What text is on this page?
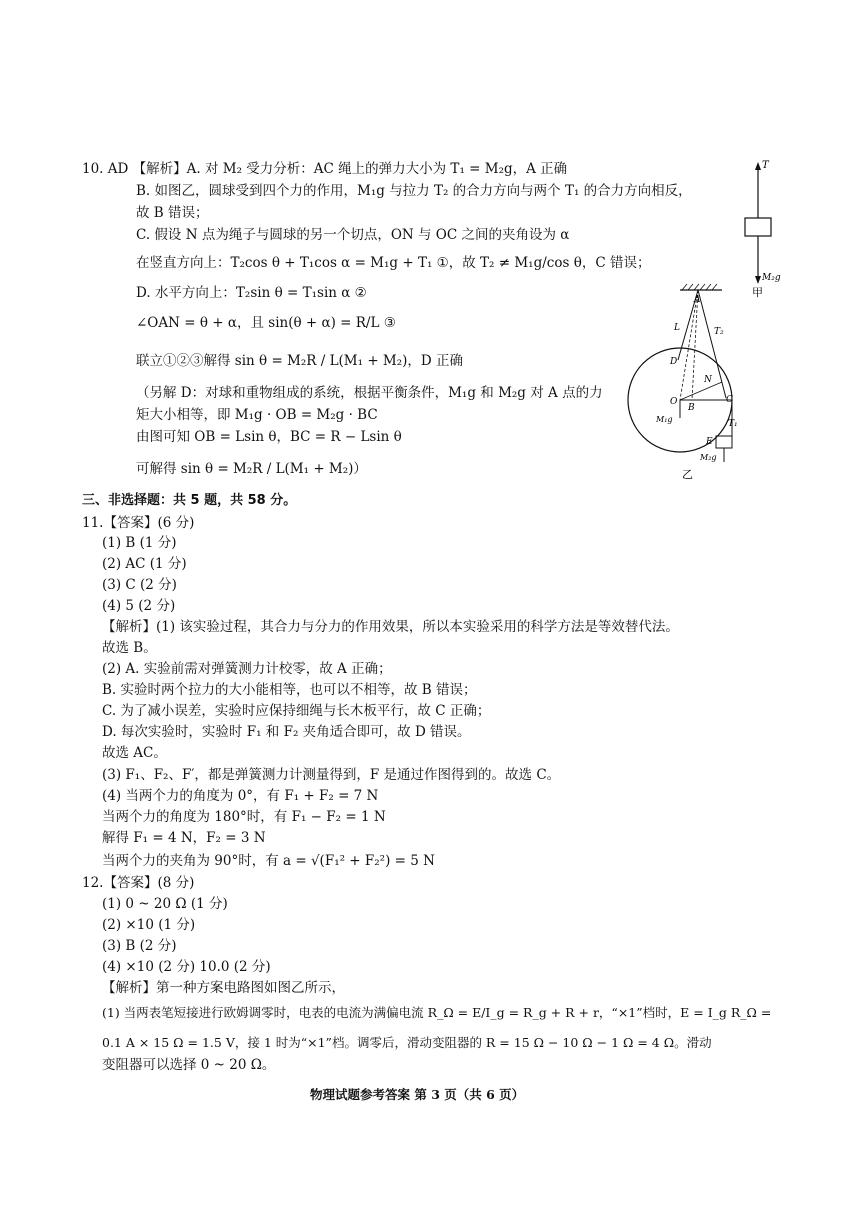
10. AD 【解析】A. 对 M₂ 受力分析：AC 绳上的弹力大小为 T₁ = M₂g，A 正确
B. 如图乙，圆球受到四个力的作用，M₁g 与拉力 T₂ 的合力方向与两个 T₁ 的合力方向相反，
故 B 错误；
C. 假设 N 点为绳子与圆球的另一个切点，ON 与 OC 之间的夹角设为 α
在竖直方向上：T₂cos θ + T₁cos α = M₁g + T₁ ①，故 T₂ ≠ M₁g/cos θ，C 错误；
D. 水平方向上：T₂sin θ = T₁sin α ②
∠OAN = θ + α，且 sin(θ + α) = R/L ③
联立①②③解得 sin θ = M₂R / L(M₁ + M₂)，D 正确
（另解 D：对球和重物组成的系统，根据平衡条件，M₁g 和 M₂g 对 A 点的力
矩大小相等，即 M₁g · OB = M₂g · BC
由图可知 OB = Lsin θ，BC = R − Lsin θ
可解得 sin θ = M₂R / L(M₁ + M₂)）
三、非选择题：共 5 题，共 58 分。
11.【答案】(6 分)
(1) B (1 分)
(2) AC (1 分)
(3) C (2 分)
(4) 5 (2 分)
【解析】(1) 该实验过程，其合力与分力的作用效果，所以本实验采用的科学方法是等效替代法。
故选 B。
(2) A. 实验前需对弹簧测力计校零，故 A 正确；
B. 实验时两个拉力的大小能相等，也可以不相等，故 B 错误；
C. 为了减小误差，实验时应保持细绳与长木板平行，故 C 正确；
D. 每次实验时，实验时 F₁ 和 F₂ 夹角适合即可，故 D 错误。
故选 AC。
(3) F₁、F₂、F′，都是弹簧测力计测量得到，F 是通过作图得到的。故选 C。
(4) 当两个力的角度为 0°，有 F₁ + F₂ = 7 N
当两个力的角度为 180°时，有 F₁ − F₂ = 1 N
解得 F₁ = 4 N，F₂ = 3 N
当两个力的夹角为 90°时，有 a = √(F₁² + F₂²) = 5 N
12.【答案】(8 分)
(1) 0 ~ 20 Ω (1 分)
(2) ×10 (1 分)
(3) B (2 分)
(4) ×10 (2 分) 10.0 (2 分)
【解析】第一种方案电路图如图乙所示，
(1) 当两表笔短接进行欧姆调零时，电表的电流为满偏电流 R_Ω = E/I_g = R_g + R + r，“×1”档时，E = I_g R_Ω =
0.1 A × 15 Ω = 1.5 V，接 1 时为“×1”档。调零后，滑动变阻器的 R = 15 Ω − 10 Ω − 1 Ω = 4 Ω。滑动
变阻器可以选择 0 ~ 20 Ω。
物理试题参考答案 第 3 页（共 6 页）
T
M₂g
甲
A
L	T₂
D
N
O
B
C
T₁
M₁g
E
M₂g
乙
